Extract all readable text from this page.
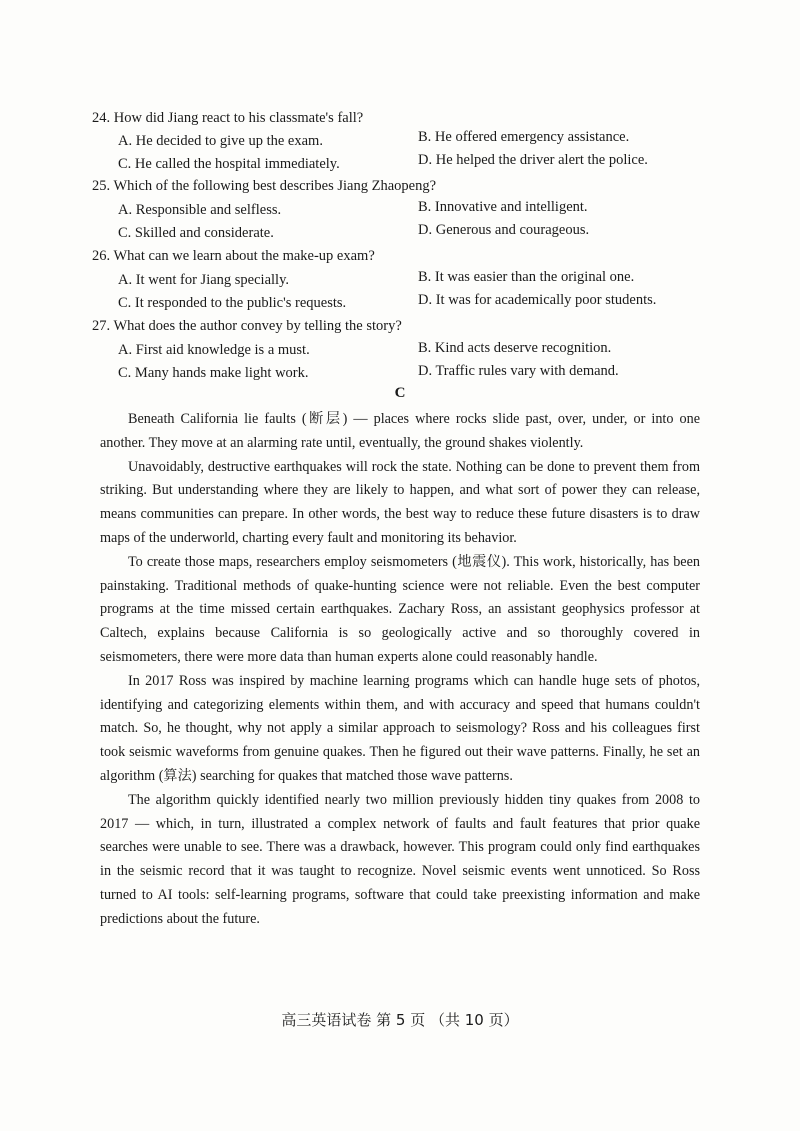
24. How did Jiang react to his classmate's fall?
A. He decided to give up the exam.	B. He offered emergency assistance.
C. He called the hospital immediately.	D. He helped the driver alert the police.
25. Which of the following best describes Jiang Zhaopeng?
A. Responsible and selfless.	B. Innovative and intelligent.
C. Skilled and considerate.	D. Generous and courageous.
26. What can we learn about the make-up exam?
A. It went for Jiang specially.	B. It was easier than the original one.
C. It responded to the public's requests.	D. It was for academically poor students.
27. What does the author convey by telling the story?
A. First aid knowledge is a must.	B. Kind acts deserve recognition.
C. Many hands make light work.	D. Traffic rules vary with demand.
C

Beneath California lie faults (断层) — places where rocks slide past, over, under, or into one another. They move at an alarming rate until, eventually, the ground shakes violently.

Unavoidably, destructive earthquakes will rock the state. Nothing can be done to prevent them from striking. But understanding where they are likely to happen, and what sort of power they can release, means communities can prepare. In other words, the best way to reduce these future disasters is to draw maps of the underworld, charting every fault and monitoring its behavior.

To create those maps, researchers employ seismometers (地震仪). This work, historically, has been painstaking. Traditional methods of quake-hunting science were not reliable. Even the best computer programs at the time missed certain earthquakes. Zachary Ross, an assistant geophysics professor at Caltech, explains because California is so geologically active and so thoroughly covered in seismometers, there were more data than human experts alone could reasonably handle.

In 2017 Ross was inspired by machine learning programs which can handle huge sets of photos, identifying and categorizing elements within them, and with accuracy and speed that humans couldn't match. So, he thought, why not apply a similar approach to seismology? Ross and his colleagues first took seismic waveforms from genuine quakes. Then he figured out their wave patterns. Finally, he set an algorithm (算法) searching for quakes that matched those wave patterns.

The algorithm quickly identified nearly two million previously hidden tiny quakes from 2008 to 2017 — which, in turn, illustrated a complex network of faults and fault features that prior quake searches were unable to see. There was a drawback, however. This program could only find earthquakes in the seismic record that it was taught to recognize. Novel seismic events went unnoticed. So Ross turned to AI tools: self-learning programs, software that could take preexisting information and make predictions about the future.

高三英语试卷 第 5 页 （共 10 页）
